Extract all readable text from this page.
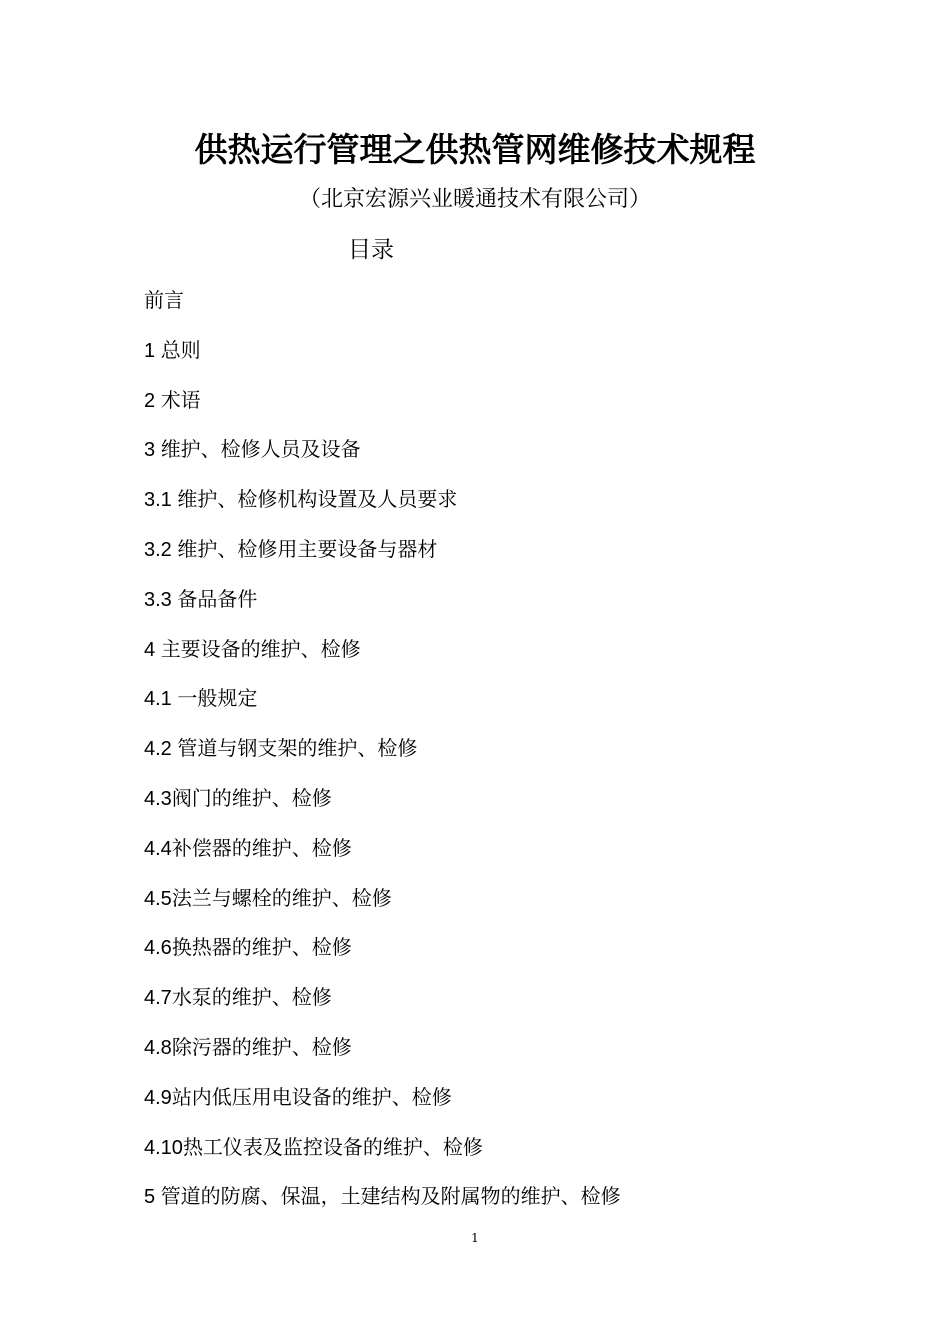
供热运行管理之供热管网维修技术规程

（北京宏源兴业暖通技术有限公司）

目录

前言
1 总则
2 术语
3 维护、检修人员及设备
3.1 维护、检修机构设置及人员要求
3.2 维护、检修用主要设备与器材
3.3 备品备件
4 主要设备的维护、检修
4.1 一般规定
4.2 管道与钢支架的维护、检修
4.3阀门的维护、检修
4.4补偿器的维护、检修
4.5法兰与螺栓的维护、检修
4.6换热器的维护、检修
4.7水泵的维护、检修
4.8除污器的维护、检修
4.9站内低压用电设备的维护、检修
4.10热工仪表及监控设备的维护、检修
5 管道的防腐、保温，土建结构及附属物的维护、检修
1
